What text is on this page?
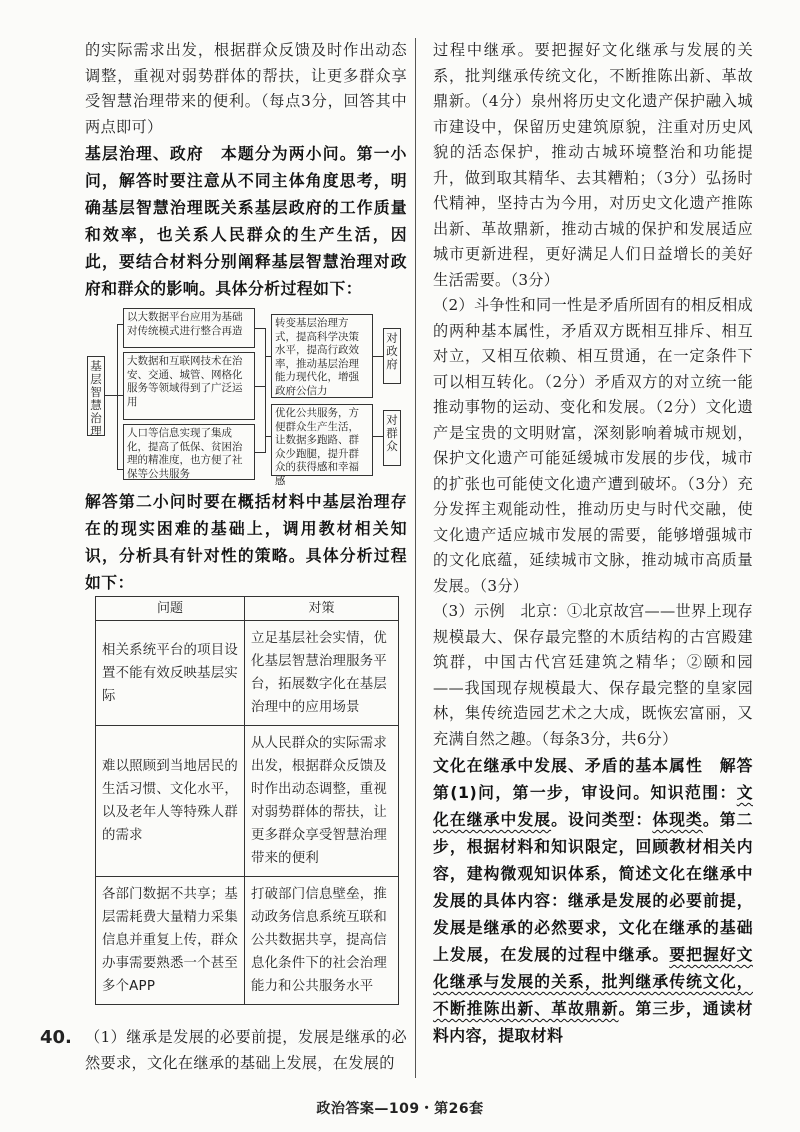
的实际需求出发，根据群众反馈及时作出动态调整，重视对弱势群体的帮扶，让更多群众享受智慧治理带来的便利。（每点3分，回答其中两点即可）

基层治理、政府　 本题分为两小问。第一小问，解答时要注意从不同主体角度思考，明确基层智慧治理既关系基层政府的工作质量和效率，也关系人民群众的生产生活，因此，要结合材料分别阐释基层智慧治理对政府和群众的影响。具体分析过程如下：

基层智慧治理
以大数据平台应用为基础对传统模式进行整合再造
大数据和互联网技术在治安、交通、城管、网格化服务等领域得到了广泛运用
人口等信息实现了集成化，提高了低保、贫困治理的精准度，也方便了社保等公共服务
转变基层治理方式，提高科学决策水平，提高行政效率，推动基层治理能力现代化，增强政府公信力
优化公共服务，方便群众生产生活，让数据多跑路、群众少跑腿，提升群众的获得感和幸福感
对政府
对群众

解答第二小问时要在概括材料中基层治理存在的现实困难的基础上，调用教材相关知识，分析具有针对性的策略。具体分析过程如下：

问题	对策
相关系统平台的项目设置不能有效反映基层实际	立足基层社会实情，优化基层智慧治理服务平台，拓展数字化在基层治理中的应用场景
难以照顾到当地居民的生活习惯、文化水平，以及老年人等特殊人群的需求	从人民群众的实际需求出发，根据群众反馈及时作出动态调整，重视对弱势群体的帮扶，让更多群众享受智慧治理带来的便利
各部门数据不共享；基层需耗费大量精力采集信息并重复上传，群众办事需要熟悉一个甚至多个APP	打破部门信息壁垒，推动政务信息系统互联和公共数据共享，提高信息化条件下的社会治理能力和公共服务水平
40. （1）继承是发展的必要前提，发展是继承的必然要求，文化在继承的基础上发展，在发展的

过程中继承。要把握好文化继承与发展的关系，批判继承传统文化，不断推陈出新、革故鼎新。（4分）泉州将历史文化遗产保护融入城市建设中，保留历史建筑原貌，注重对历史风貌的活态保护，推动古城环境整治和功能提升，做到取其精华、去其糟粕；（3分）弘扬时代精神，坚持古为今用，对历史文化遗产推陈出新、革故鼎新，推动古城的保护和发展适应城市更新进程，更好满足人们日益增长的美好生活需要。（3分）

（2）斗争性和同一性是矛盾所固有的相反相成的两种基本属性，矛盾双方既相互排斥、相互对立，又相互依赖、相互贯通，在一定条件下可以相互转化。（2分）矛盾双方的对立统一能推动事物的运动、变化和发展。（2分）文化遗产是宝贵的文明财富，深刻影响着城市规划，保护文化遗产可能延缓城市发展的步伐，城市的扩张也可能使文化遗产遭到破坏。（3分）充分发挥主观能动性，推动历史与时代交融，使文化遗产适应城市发展的需要，能够增强城市的文化底蕴，延续城市文脉，推动城市高质量发展。（3分）

（3）示例　北京：①北京故宫——世界上现存规模最大、保存最完整的木质结构的古宫殿建筑群，中国古代宫廷建筑之精华；②颐和园——我国现存规模最大、保存最完整的皇家园林，集传统造园艺术之大成，既恢宏富丽，又充满自然之趣。（每条3分，共6分）

文化在继承中发展、矛盾的基本属性　 解答第(1)问，第一步，审设问。知识范围：文化在继承中发展。设问类型：体现类。第二步，根据材料和知识限定，回顾教材相关内容，建构微观知识体系，简述文化在继承中发展的具体内容：继承是发展的必要前提，发展是继承的必然要求，文化在继承的基础上发展，在发展的过程中继承。要把握好文化继承与发展的关系，批判继承传统文化，不断推陈出新、革故鼎新。第三步，通读材料内容，提取材料

政治答案—109・第26套
